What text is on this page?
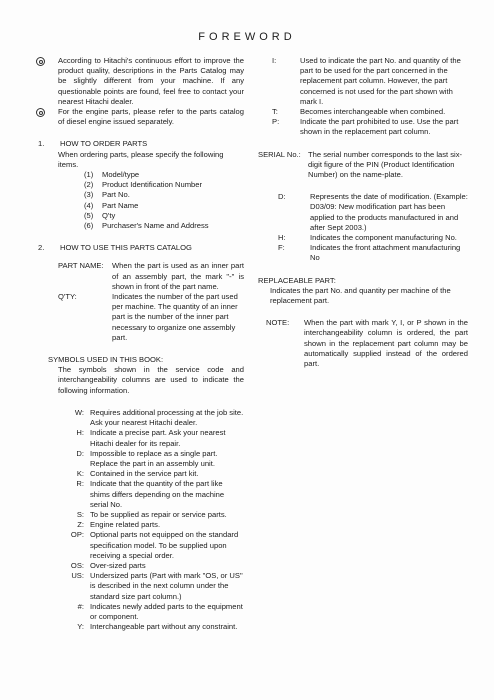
FOREWORD
According to Hitachi's continuous effort to improve the product quality, descriptions in the Parts Catalog may be slightly different from your machine. If any questionable points are found, feel free to contact your nearest Hitachi dealer.
For the engine parts, please refer to the parts catalog of diesel engine issued separately.
1.	HOW TO ORDER PARTS
When ordering parts, please specify the following items.
(1)	Model/type
(2)	Product Identification Number
(3)	Part No.
(4)	Part Name
(5)	Q'ty
(6)	Purchaser's Name and Address
2.	HOW TO USE THIS PARTS CATALOG
PART NAME:	When the part is used as an inner part of an assembly part, the mark "-" is shown in front of the part name.
Q'TY:	Indicates the number of the part used per machine. The quantity of an inner part is the number of the inner part necessary to organize one assembly part.
SYMBOLS USED IN THIS BOOK:
The symbols shown in the service code and interchangeability columns are used to indicate the following information.
W: Requires additional processing at the job site. Ask your nearest Hitachi dealer.
H: Indicate a precise part. Ask your nearest Hitachi dealer for its repair.
D: Impossible to replace as a single part. Replace the part in an assembly unit.
K: Contained in the service part kit.
R: Indicate that the quantity of the part like shims differs depending on the machine serial No.
S: To be supplied as repair or service parts.
Z: Engine related parts.
OP: Optional parts not equipped on the standard specification model. To be supplied upon receiving a special order.
OS: Over-sized parts
US: Undersized parts (Part with mark "OS, or US" is described in the next column under the standard size part column.)
#: Indicates newly added parts to the equipment or component.
Y: Interchangeable part without any constraint.
I:	Used to indicate the part No. and quantity of the part to be used for the part concerned in the replacement part column. However, the part concerned is not used for the part shown with mark I.
T:	Becomes interchangeable when combined.
P:	Indicate the part prohibited to use. Use the part shown in the replacement part column.
SERIAL No.: The serial number corresponds to the last six-digit figure of the PIN (Product Identification Number) on the name-plate.
D:	Represents the date of modification. (Example: D03/09: New modification part has been applied to the products manufactured in and after Sept 2003.)
H:	Indicates the component manufacturing No.
F:	Indicates the front attachment manufacturing No
REPLACEABLE PART:
Indicates the part No. and quantity per machine of the replacement part.
NOTE:	When the part with mark Y, I, or P shown in the interchangeability column is ordered, the part shown in the replacement part column may be automatically supplied instead of the ordered part.
